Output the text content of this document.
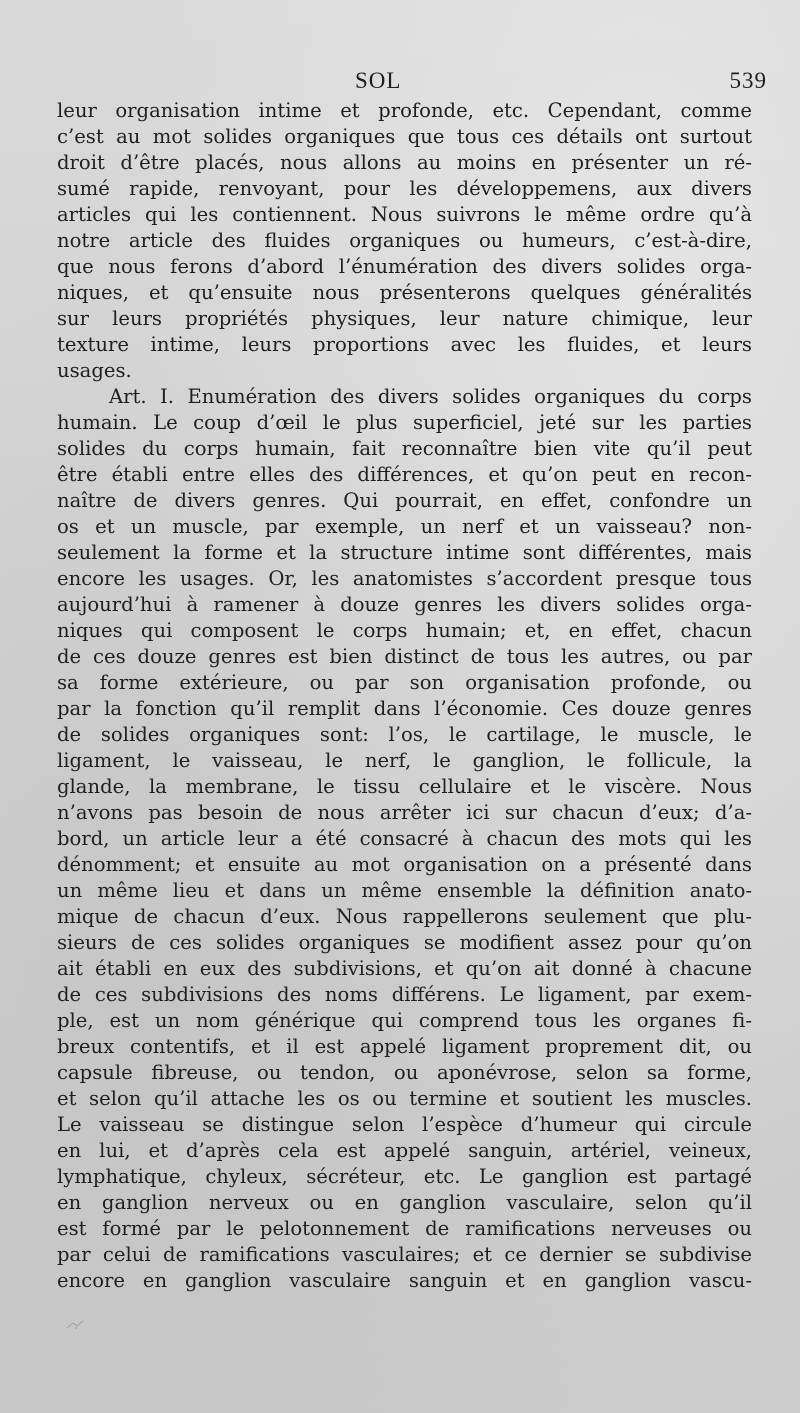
SOL	539
leur organisation intime et profonde, etc. Cependant, comme
c’est au mot solides organiques que tous ces détails ont surtout
droit d’être placés, nous allons au moins en présenter un ré-
sumé rapide, renvoyant, pour les développemens, aux divers
articles qui les contiennent. Nous suivrons le même ordre qu’à
notre article des fluides organiques ou humeurs, c’est-à-dire,
que nous ferons d’abord l’énumération des divers solides orga-
niques, et qu’ensuite nous présenterons quelques généralités
sur leurs propriétés physiques, leur nature chimique, leur
texture intime, leurs proportions avec les fluides, et leurs
usages.
Art. I. Enumération des divers solides organiques du corps
humain. Le coup d’œil le plus superficiel, jeté sur les parties
solides du corps humain, fait reconnaître bien vite qu’il peut
être établi entre elles des différences, et qu’on peut en recon-
naître de divers genres. Qui pourrait, en effet, confondre un
os et un muscle, par exemple, un nerf et un vaisseau? non-
seulement la forme et la structure intime sont différentes, mais
encore les usages. Or, les anatomistes s’accordent presque tous
aujourd’hui à ramener à douze genres les divers solides orga-
niques qui composent le corps humain; et, en effet, chacun
de ces douze genres est bien distinct de tous les autres, ou par
sa forme extérieure, ou par son organisation profonde, ou
par la fonction qu’il remplit dans l’économie. Ces douze genres
de solides organiques sont: l’os, le cartilage, le muscle, le
ligament, le vaisseau, le nerf, le ganglion, le follicule, la
glande, la membrane, le tissu cellulaire et le viscère. Nous
n’avons pas besoin de nous arrêter ici sur chacun d’eux; d’a-
bord, un article leur a été consacré à chacun des mots qui les
dénomment; et ensuite au mot organisation on a présenté dans
un même lieu et dans un même ensemble la définition anato-
mique de chacun d’eux. Nous rappellerons seulement que plu-
sieurs de ces solides organiques se modifient assez pour qu’on
ait établi en eux des subdivisions, et qu’on ait donné à chacune
de ces subdivisions des noms différens. Le ligament, par exem-
ple, est un nom générique qui comprend tous les organes fi-
breux contentifs, et il est appelé ligament proprement dit, ou
capsule fibreuse, ou tendon, ou aponévrose, selon sa forme,
et selon qu’il attache les os ou termine et soutient les muscles.
Le vaisseau se distingue selon l’espèce d’humeur qui circule
en lui, et d’après cela est appelé sanguin, artériel, veineux,
lymphatique, chyleux, sécréteur, etc. Le ganglion est partagé
en ganglion nerveux ou en ganglion vasculaire, selon qu’il
est formé par le pelotonnement de ramifications nerveuses ou
par celui de ramifications vasculaires; et ce dernier se subdivise
encore en ganglion vasculaire sanguin et en ganglion vascu-
